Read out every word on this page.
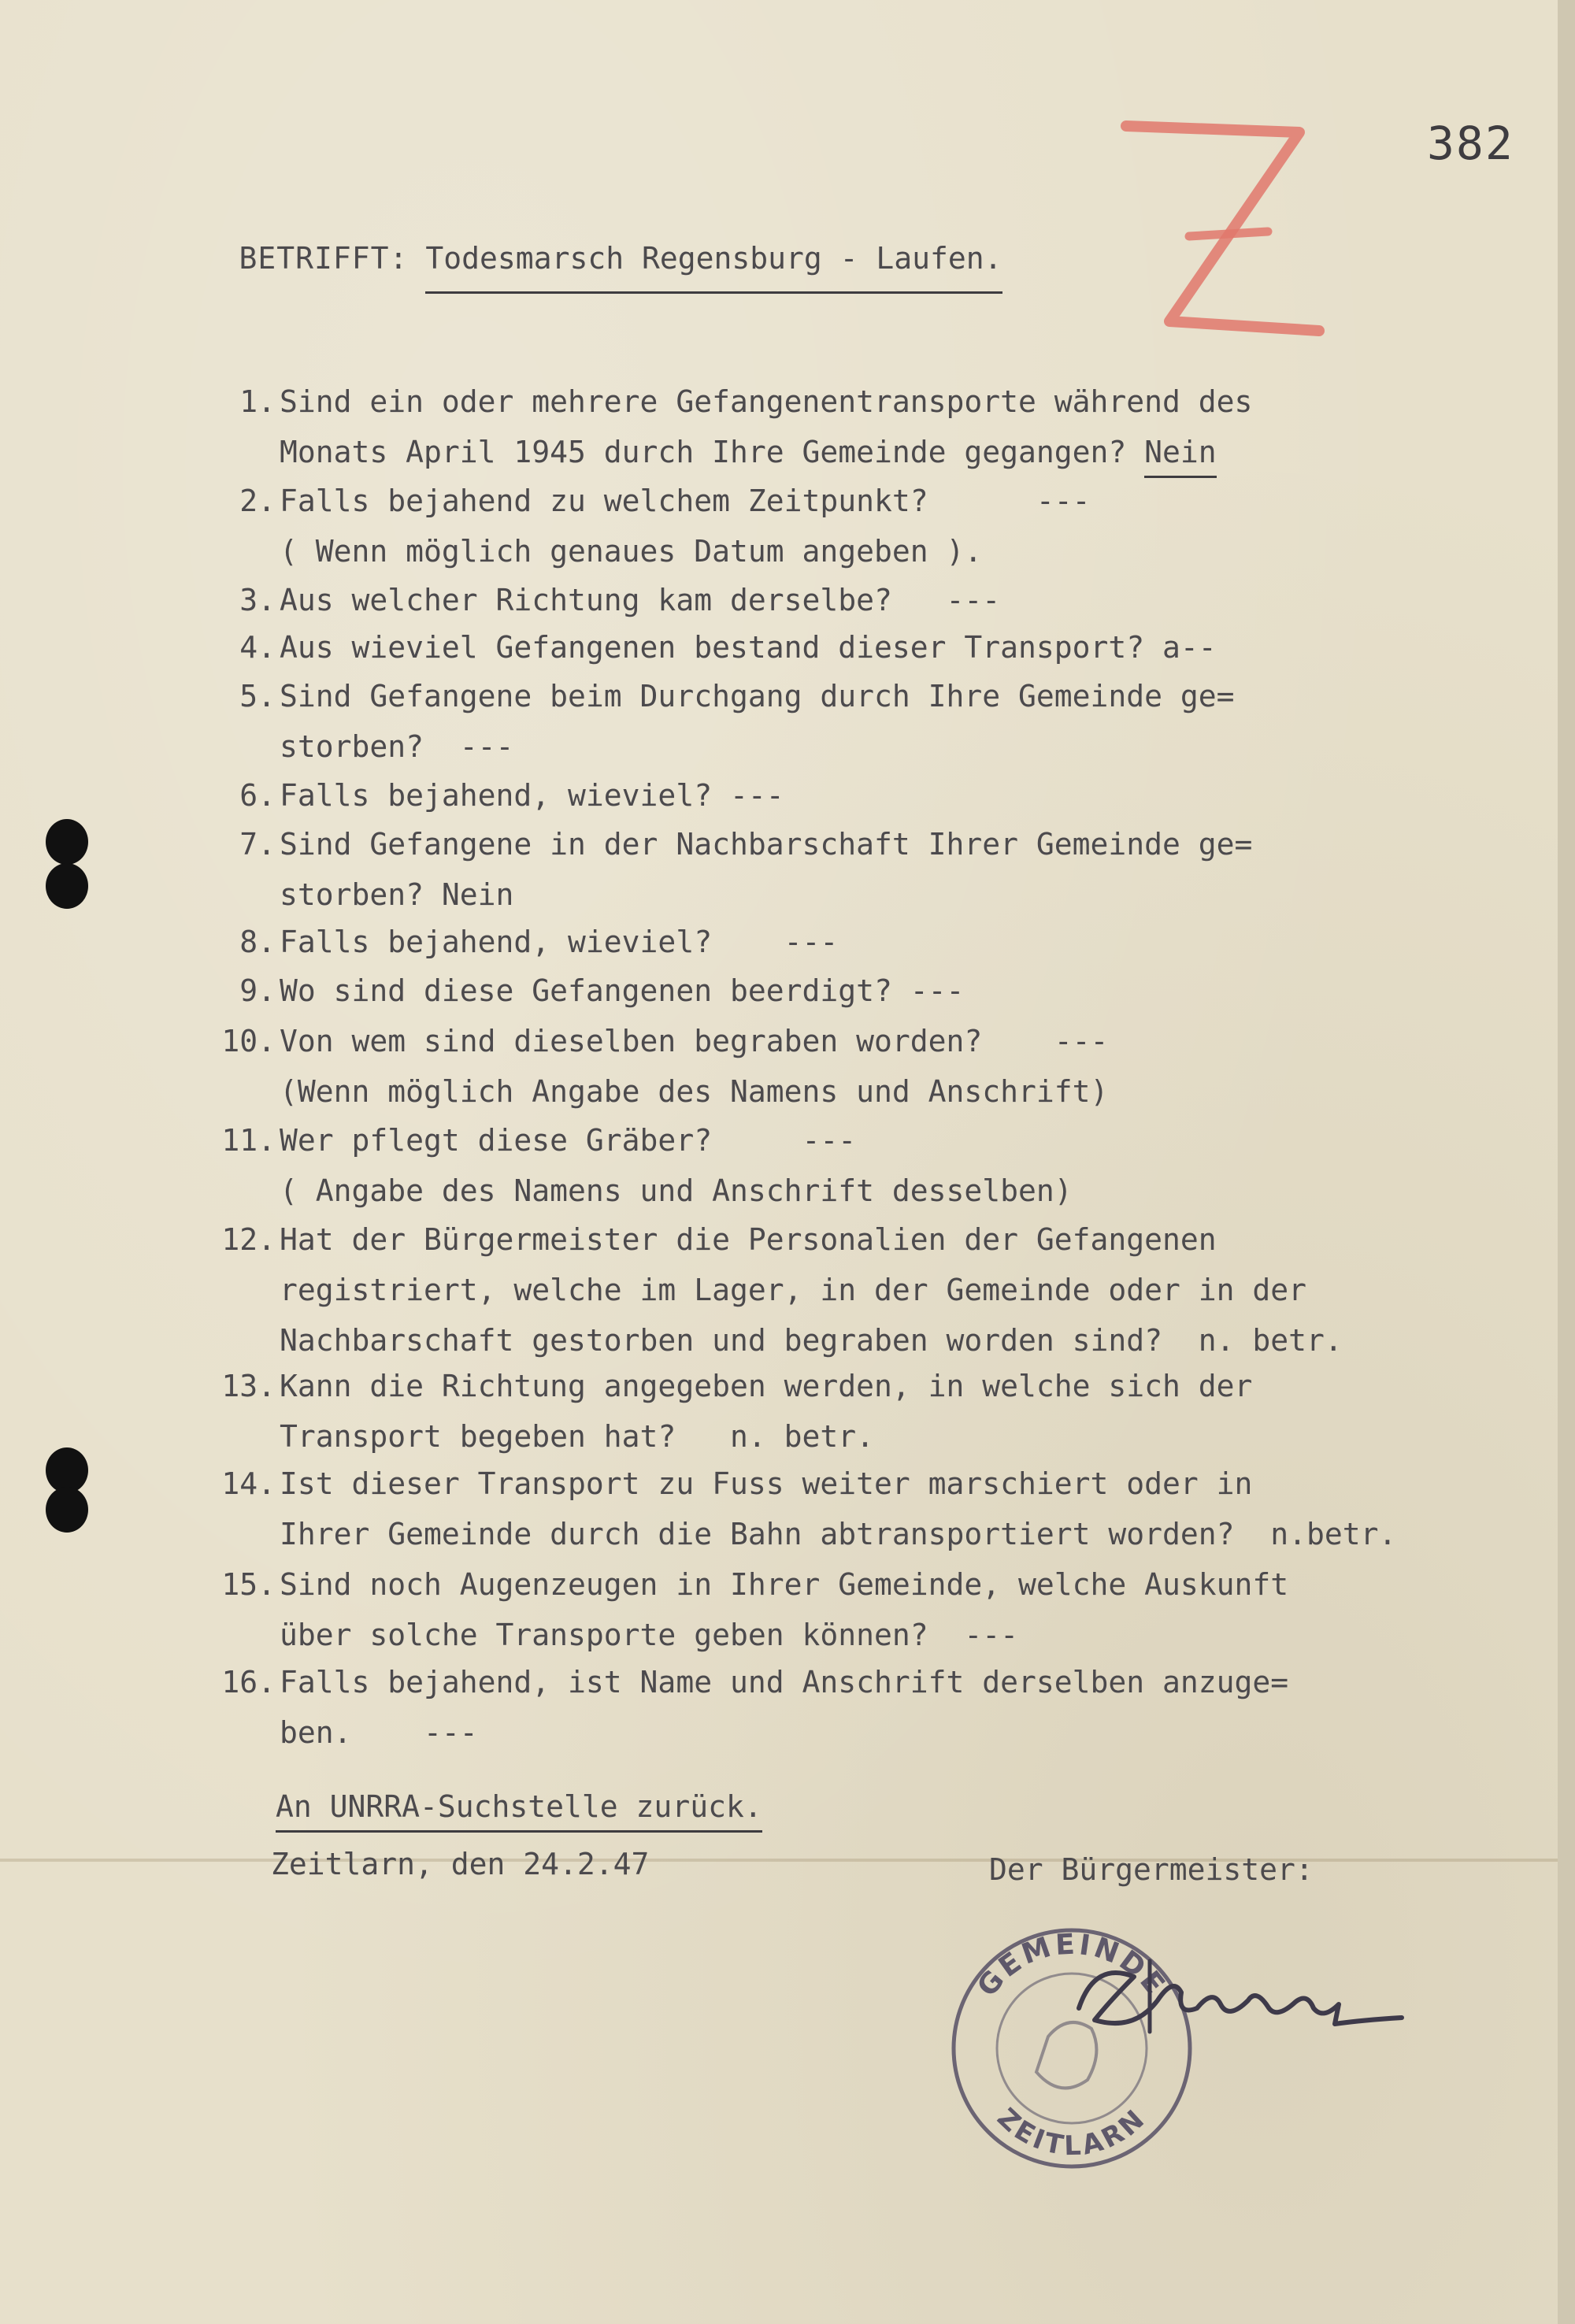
382

BETRIFFT: Todesmarsch Regensburg - Laufen.

1. Sind ein oder mehrere Gefangenentransporte während des
Monats April 1945 durch Ihre Gemeinde gegangen? Nein
2. Falls bejahend zu welchem Zeitpunkt?      ---
( Wenn möglich genaues Datum angeben ).
3. Aus welcher Richtung kam derselbe?   ---
4. Aus wieviel Gefangenen bestand dieser Transport? a--
5. Sind Gefangene beim Durchgang durch Ihre Gemeinde ge=
storben?  ---
6. Falls bejahend, wieviel? ---
7. Sind Gefangene in der Nachbarschaft Ihrer Gemeinde ge=
storben? Nein
8. Falls bejahend, wieviel?    ---
9. Wo sind diese Gefangenen beerdigt? ---
10. Von wem sind dieselben begraben worden?    ---
(Wenn möglich Angabe des Namens und Anschrift)
11. Wer pflegt diese Gräber?     ---
( Angabe des Namens und Anschrift desselben)
12. Hat der Bürgermeister die Personalien der Gefangenen
registriert, welche im Lager, in der Gemeinde oder in der
Nachbarschaft gestorben und begraben worden sind?  n. betr.
13. Kann die Richtung angegeben werden, in welche sich der
Transport begeben hat?   n. betr.
14. Ist dieser Transport zu Fuss weiter marschiert oder in
Ihrer Gemeinde durch die Bahn abtransportiert worden?  n.betr.
15. Sind noch Augenzeugen in Ihrer Gemeinde, welche Auskunft
über solche Transporte geben können?  ---
16. Falls bejahend, ist Name und Anschrift derselben anzuge=
ben.    ---
An UNRRA-Suchstelle zurück.
Zeitlarn, den 24.2.47	Der Bürgermeister:
GEMEINDE
ZEITLARN
